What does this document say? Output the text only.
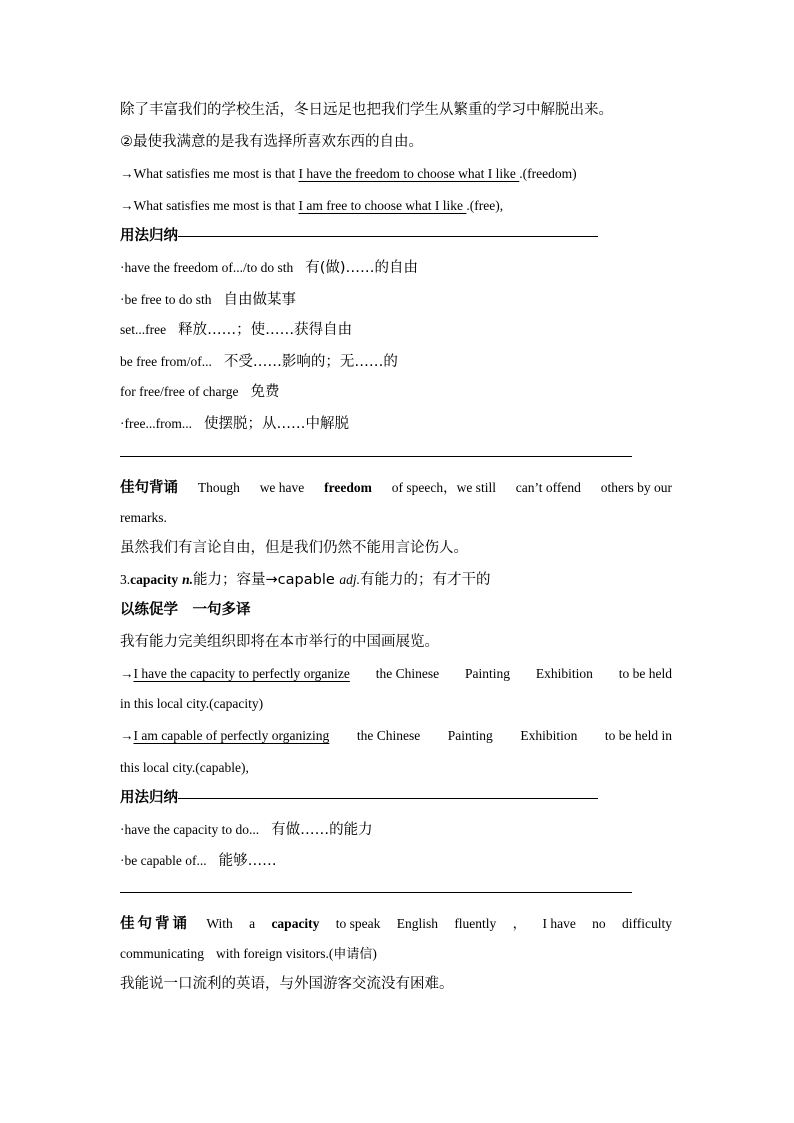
除了丰富我们的学校生活，冬日远足也把我们学生从繁重的学习中解脱出来。
②最使我满意的是我有选择所喜欢东西的自由。
→What satisfies me most is that I have the freedom to choose what I like .(freedom)
→What satisfies me most is that I am free to choose what I like .(free),
用法归纳
·have the freedom of.../to do sth 有(做)……的自由
·be free to do sth 自由做某事
set...free 释放……；使……获得自由
be free from/of... 不受……影响的；无……的
for free/free of charge 免费
·free...from... 使摆脱；从……中解脱
佳句背诵 Though we have freedom of speech，we still can’t offend others by our
remarks.
虽然我们有言论自由，但是我们仍然不能用言论伤人。
3.capacity n.能力；容量→capable adj.有能力的；有才干的
以练促学　一句多译
我有能力完美组织即将在本市举行的中国画展览。
→I have the capacity to perfectly organize the Chinese Painting Exhibition to be held
in this local city.(capacity)
→I am capable of perfectly organizing the Chinese Painting Exhibition to be held in
this local city.(capable),
用法归纳
·have the capacity to do... 有做……的能力
·be capable of... 能够……
佳句背诵 With a capacity to speak English fluently ， I have no difficulty
communicating with foreign visitors.(申请信)
我能说一口流利的英语，与外国游客交流没有困难。
